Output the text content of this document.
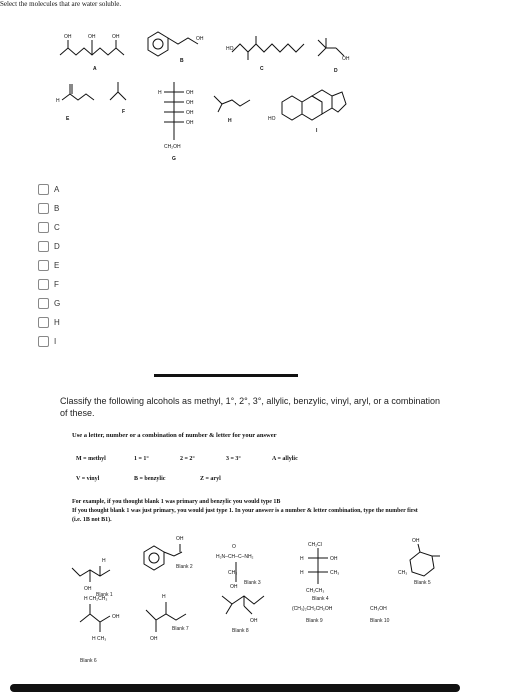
Select the molecules that are water soluble.
OH	OH	OH
A
OH
B
HO
C
OH
D
H
E
F
H	OH
OH
OH
OH
CH₂OH
G
H	HO
I
A
B
C
D
E
F
G
H
I
Classify the following alcohols as methyl, 1°, 2°, 3°, allylic, benzylic, vinyl, aryl, or a combination of these.
Use a letter, number or a combination of number & letter for your answer
M = methyl	1 = 1°	2 = 2°	3 = 3°	A = allylic
V = vinyl	B = benzylic	Z = aryl
For example, if you thought blank 1 was primary and benzylic you would type 1B
If you thought blank 1 was just primary, you would just type 1. In your answer is a number & letter combination, type the number first (i.e. 1B not B1).
OH
H
OH
H₂N–CH–C–NH₂
O
CH₂
OH
CH₂Cl
H	OH
H	CH₃
CH₂CH₃
OH
CH₃
H CH₂CH₃
OH
H CH₃
H
OH
OH
(CH₃)₂CH₂CH₂OH	CH₃OH
Blank 1
Blank 2
Blank 3
Blank 4
Blank 5
Blank 6
Blank 7	Blank 8
Blank 9	Blank 10
